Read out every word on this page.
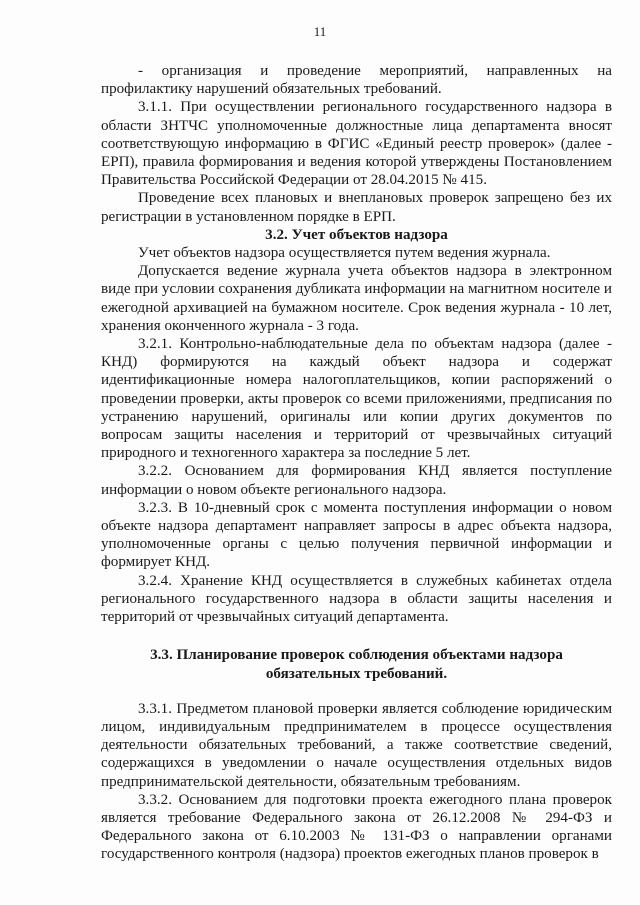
11

- организация и проведение мероприятий, направленных на профилактику нарушений обязательных требований.

3.1.1. При осуществлении регионального государственного надзора в области ЗНТЧС уполномоченные должностные лица департамента вносят соответствующую информацию в ФГИС «Единый реестр проверок» (далее - ЕРП), правила формирования и ведения которой утверждены Постановлением Правительства Российской Федерации от 28.04.2015 № 415.

Проведение всех плановых и внеплановых проверок запрещено без их регистрации в установленном порядке в ЕРП.

3.2. Учет объектов надзора

Учет объектов надзора осуществляется путем ведения журнала.

Допускается ведение журнала учета объектов надзора в электронном виде при условии сохранения дубликата информации на магнитном носителе и ежегодной архивацией на бумажном носителе. Срок ведения журнала - 10 лет, хранения оконченного журнала - 3 года.

3.2.1. Контрольно-наблюдательные дела по объектам надзора (далее - КНД) формируются на каждый объект надзора и содержат идентификационные номера налогоплательщиков, копии распоряжений о проведении проверки, акты проверок со всеми приложениями, предписания по устранению нарушений, оригиналы или копии других документов по вопросам защиты населения и территорий от чрезвычайных ситуаций природного и техногенного характера за последние 5 лет.

3.2.2. Основанием для формирования КНД является поступление информации о новом объекте регионального надзора.

3.2.3. В 10-дневный срок с момента поступления информации о новом объекте надзора департамент направляет запросы в адрес объекта надзора, уполномоченные органы с целью получения первичной информации и формирует КНД.

3.2.4. Хранение КНД осуществляется в служебных кабинетах отдела регионального государственного надзора в области защиты населения и территорий от чрезвычайных ситуаций департамента.

3.3. Планирование проверок соблюдения объектами надзора
обязательных требований.

3.3.1. Предметом плановой проверки является соблюдение юридическим лицом, индивидуальным предпринимателем в процессе осуществления деятельности обязательных требований, а также соответствие сведений, содержащихся в уведомлении о начале осуществления отдельных видов предпринимательской деятельности, обязательным требованиям.

3.3.2. Основанием для подготовки проекта ежегодного плана проверок является требование Федерального закона от 26.12.2008 № 294-ФЗ и Федерального закона от 6.10.2003 № 131-ФЗ о направлении органами государственного контроля (надзора) проектов ежегодных планов проверок в
